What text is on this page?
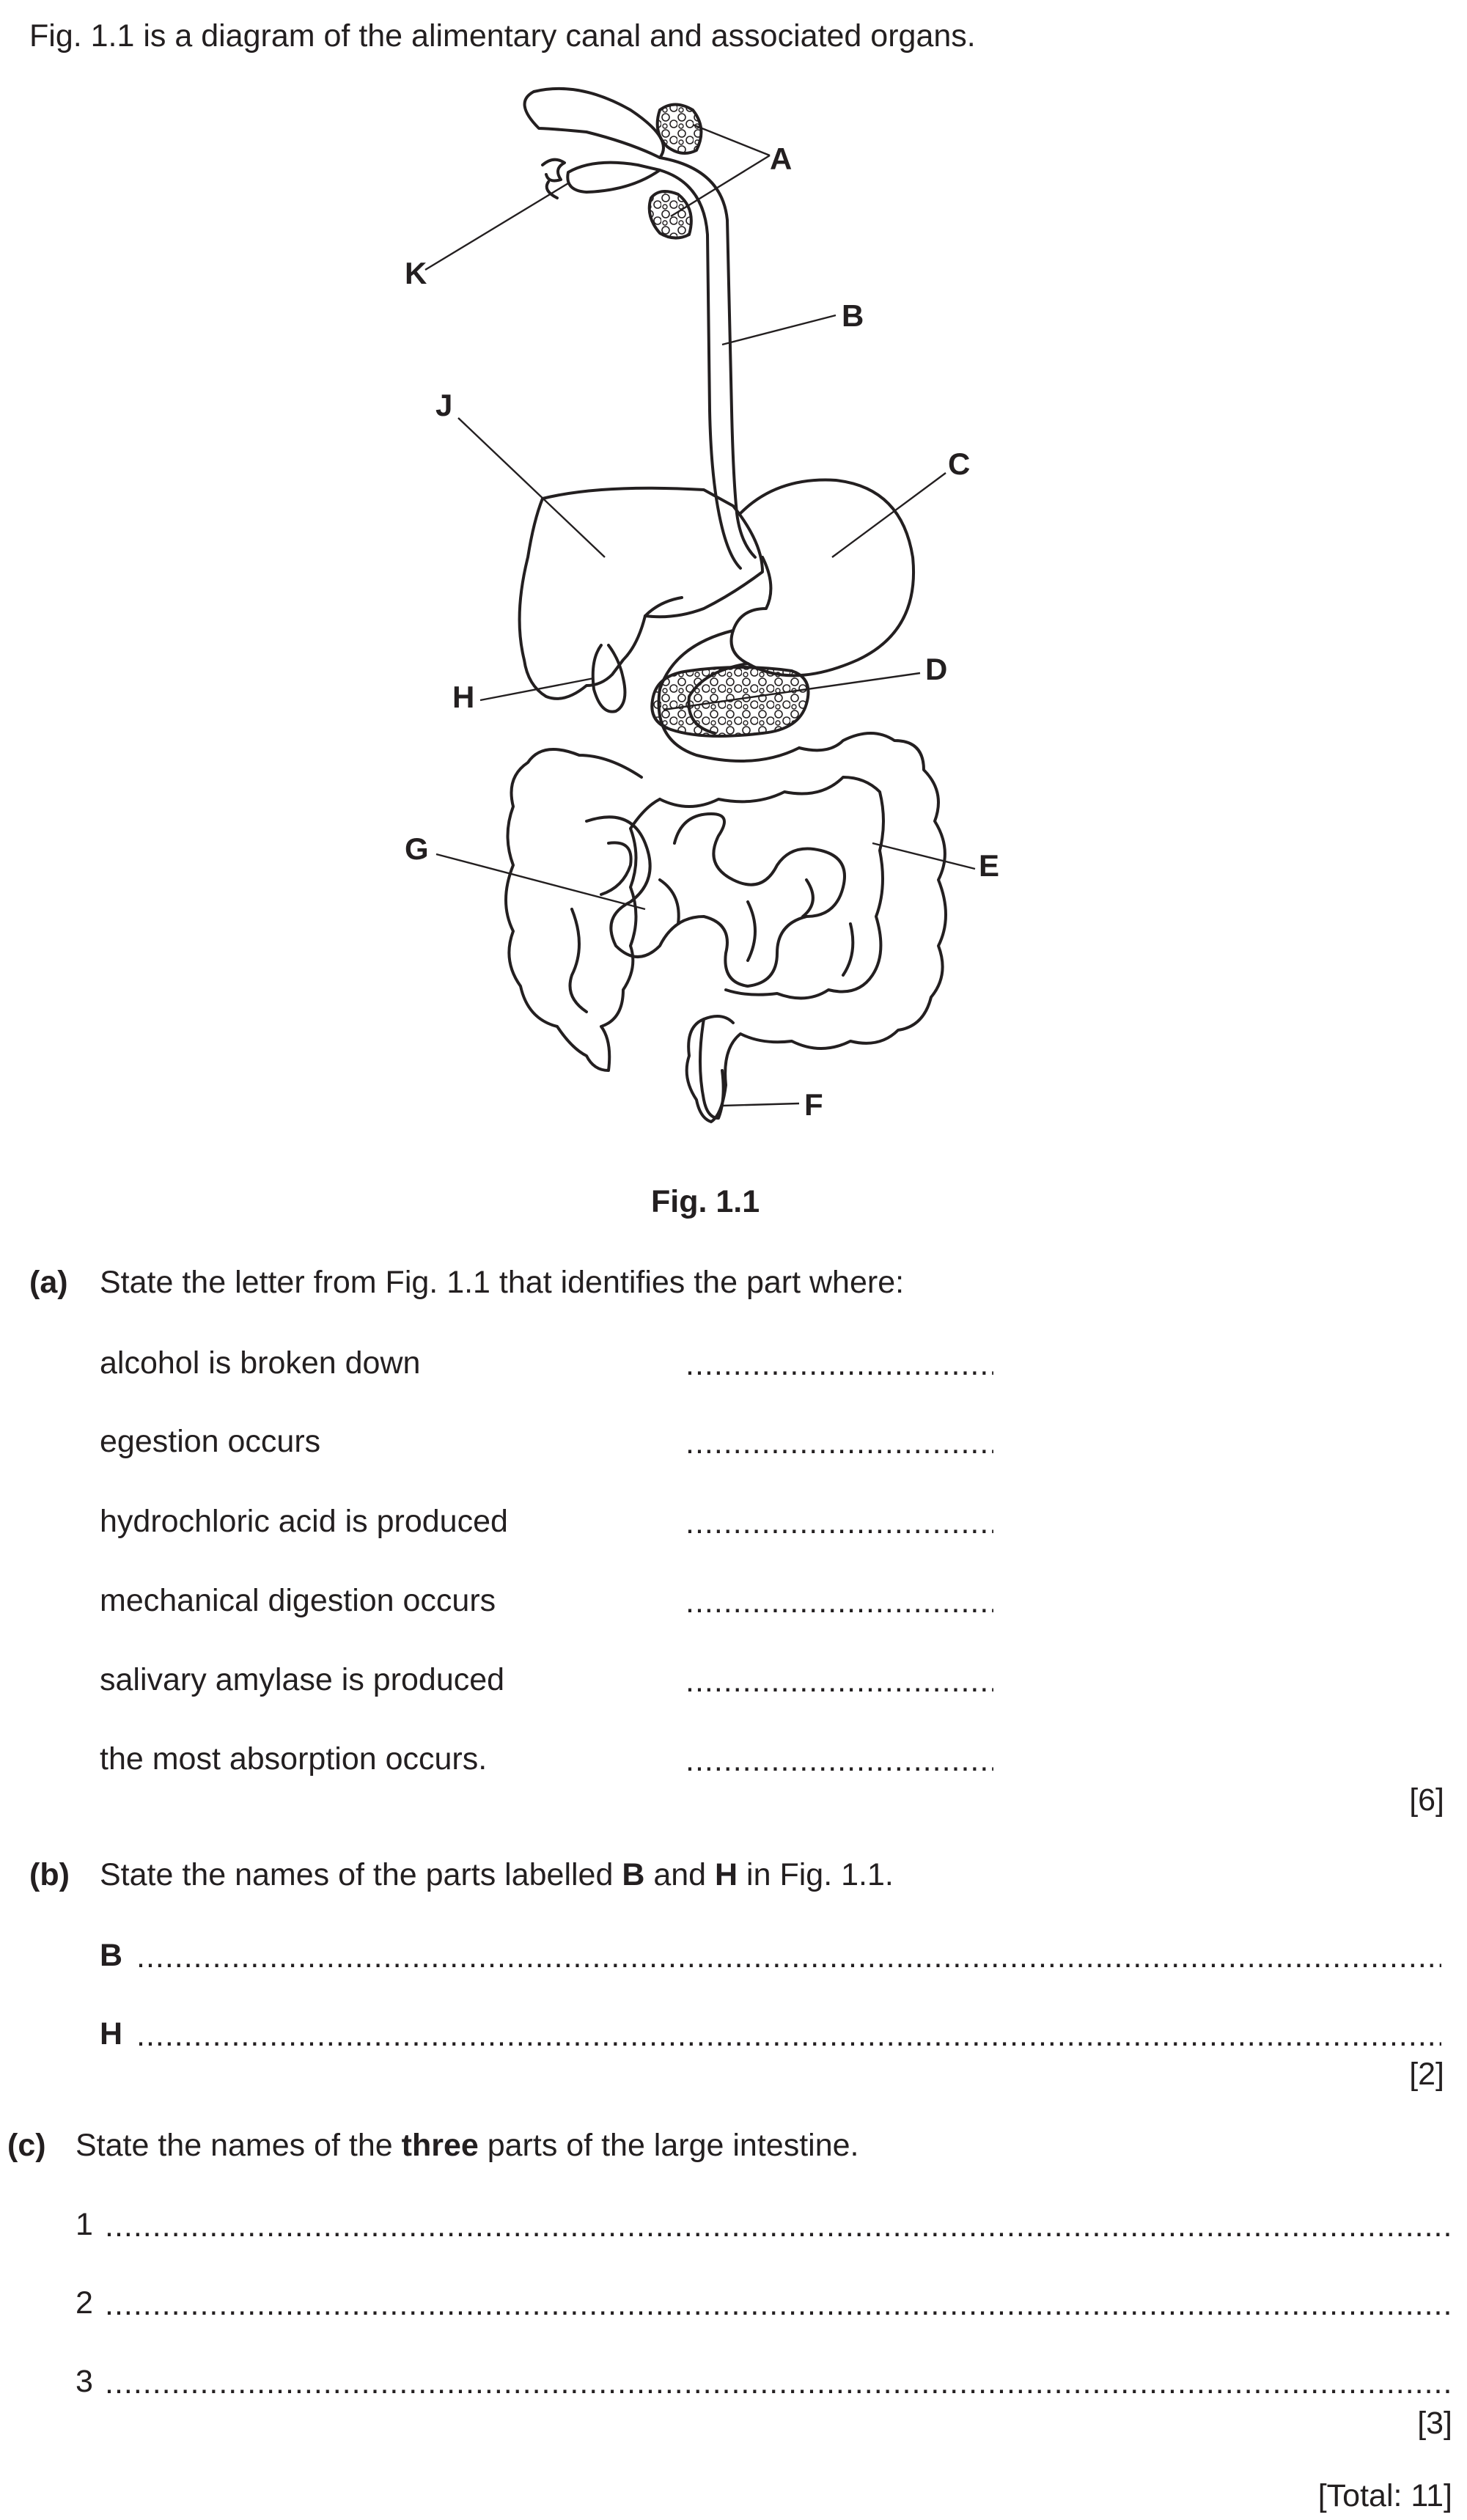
Fig. 1.1 is a diagram of the alimentary canal and associated organs.
A
B
C
D
E
F
G
H
J
K
Fig. 1.1
(a) State the letter from Fig. 1.1 that identifies the part where:
alcohol is broken down
.....
egestion occurs
.....
hydrochloric acid is produced
.....
mechanical digestion occurs
.....
salivary amylase is produced
.....
the most absorption occurs.
.....
[6]
(b) State the names of the parts labelled B and H in Fig. 1.1.
B
.....
H
.....
[2]
(c) State the names of the three parts of the large intestine.
1
.....
2
.....
3
.....
[3]
[Total: 11]
